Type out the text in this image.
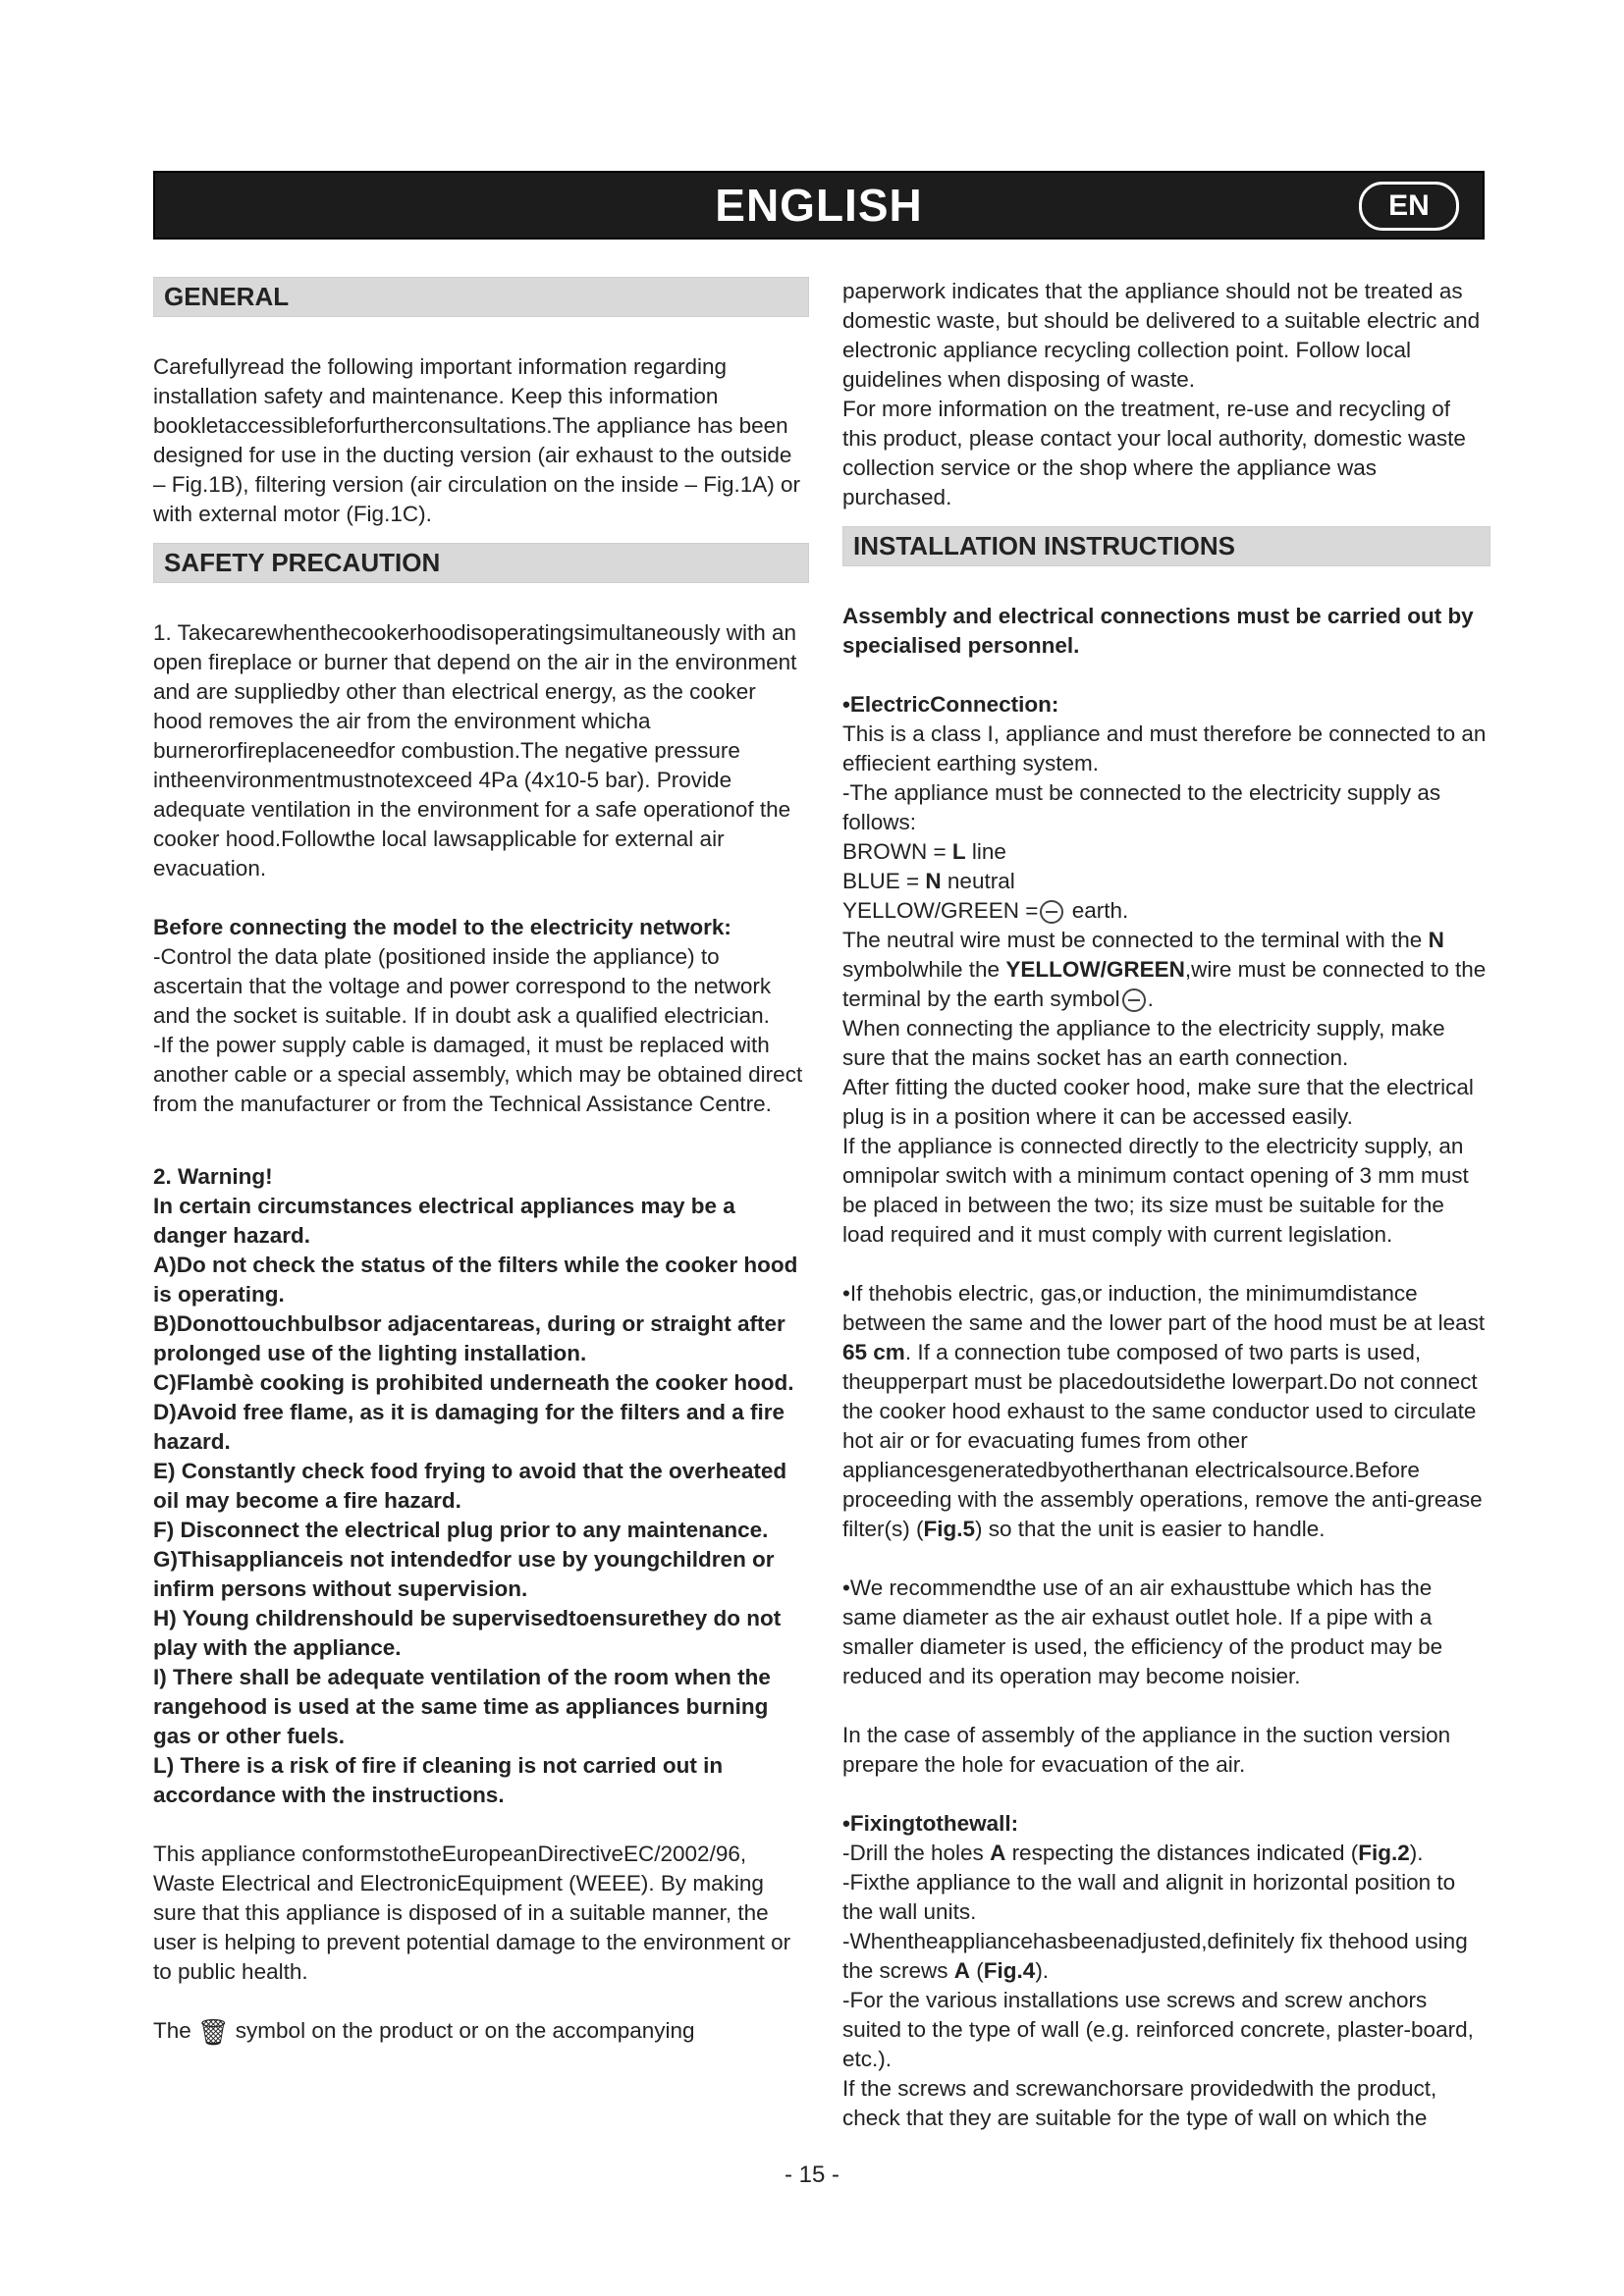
ENGLISH	EN
GENERAL

Carefullyread the following important information regarding installation safety and maintenance. Keep this information bookletaccessibleforfurtherconsultations.The appliance has been designed for use in the ducting version (air exhaust to the outside – Fig.1B), filtering version (air circulation on the inside – Fig.1A) or with external motor (Fig.1C).

SAFETY PRECAUTION

1. Takecarewhenthecookerhoodisoperatingsimultaneously with an open fireplace or burner that depend on the air in the environment and are suppliedby other than electrical energy, as the cooker hood removes the air from the environment whicha burnerorfireplaceneedfor combustion.The negative pressure intheenvironmentmustnotexceed 4Pa (4x10-5 bar). Provide adequate ventilation in the environment for a safe operationof the cooker hood.Followthe local lawsapplicable for external air evacuation.

Before connecting the model to the electricity network:

-Control the data plate (positioned inside the appliance) to ascertain that the voltage and power correspond to the network and the socket is suitable. If in doubt ask a qualified electrician.

-If the power supply cable is damaged, it must be replaced with another cable or a special assembly, which may be obtained direct from the manufacturer or from the Technical Assistance Centre.

2. Warning!

In certain circumstances electrical appliances may be a danger hazard.

A)Do not check the status of the filters while the cooker hood is operating.

B)Donottouchbulbsor adjacentareas, during or straight after prolonged use of the lighting installation.

C)Flambè cooking is prohibited underneath the cooker hood.

D)Avoid free flame, as it is damaging for the filters and a fire hazard.

E) Constantly check food frying to avoid that the overheated oil may become a fire hazard.

F) Disconnect the electrical plug prior to any maintenance.

G)Thisapplianceis not intendedfor use by youngchildren or infirm persons without supervision.

H) Young childrenshould be supervisedtoensurethey do not play with the appliance.

I) There shall be adequate ventilation of the room when the rangehood is used at the same time as appliances burning gas or other fuels.

L) There is a risk of fire if cleaning is not carried out in accordance with the instructions.

This appliance conformstotheEuropeanDirectiveEC/2002/96, Waste Electrical and ElectronicEquipment (WEEE). By making sure that this appliance is disposed of in a suitable manner, the user is helping to prevent potential damage to the environment or to public health.

The 🗑︎ symbol on the product or on the accompanying

paperwork indicates that the appliance should not be treated as domestic waste, but should be delivered to a suitable electric and electronic appliance recycling collection point. Follow local guidelines when disposing of waste.

For more information on the treatment, re-use and recycling of this product, please contact your local authority, domestic waste collection service or the shop where the appliance was purchased.

INSTALLATION INSTRUCTIONS

Assembly and electrical connections must be carried out by specialised personnel.

•ElectricConnection:

This is a class I, appliance and must therefore be connected to an effiecient earthing system.

-The appliance must be connected to the electricity supply as follows:

BROWN = L line

BLUE = N neutral

YELLOW/GREEN = earth.

The neutral wire must be connected to the terminal with the N symbolwhile the YELLOW/GREEN,wire must be connected to the terminal by the earth symbol .

When connecting the appliance to the electricity supply, make sure that the mains socket has an earth connection.

After fitting the ducted cooker hood, make sure that the electrical plug is in a position where it can be accessed easily.

If the appliance is connected directly to the electricity supply, an omnipolar switch with a minimum contact opening of 3 mm must be placed in between the two; its size must be suitable for the load required and it must comply with current legislation.

•If thehobis electric, gas,or induction, the minimumdistance between the same and the lower part of the hood must be at least 65 cm. If a connection tube composed of two parts is used, theupperpart must be placedoutsidethe lowerpart.Do not connect the cooker hood exhaust to the same conductor used to circulate hot air or for evacuating fumes from other appliancesgeneratedbyotherthanan electricalsource.Before proceeding with the assembly operations, remove the anti-grease filter(s) (Fig.5) so that the unit is easier to handle.

•We recommendthe use of an air exhausttube which has the same diameter as the air exhaust outlet hole. If a pipe with a smaller diameter is used, the efficiency of the product may be reduced and its operation may become noisier.

In the case of assembly of the appliance in the suction version prepare the hole for evacuation of the air.

•Fixingtothewall:

-Drill the holes A respecting the distances indicated (Fig.2).

-Fixthe appliance to the wall and alignit in horizontal position to the wall units.

-Whentheappliancehasbeenadjusted,definitely fix thehood using the screws A (Fig.4).

-For the various installations use screws and screw anchors suited to the type of wall (e.g. reinforced concrete, plaster-board, etc.).

If the screws and screwanchorsare providedwith the product, check that they are suitable for the type of wall on which the

- 15 -
